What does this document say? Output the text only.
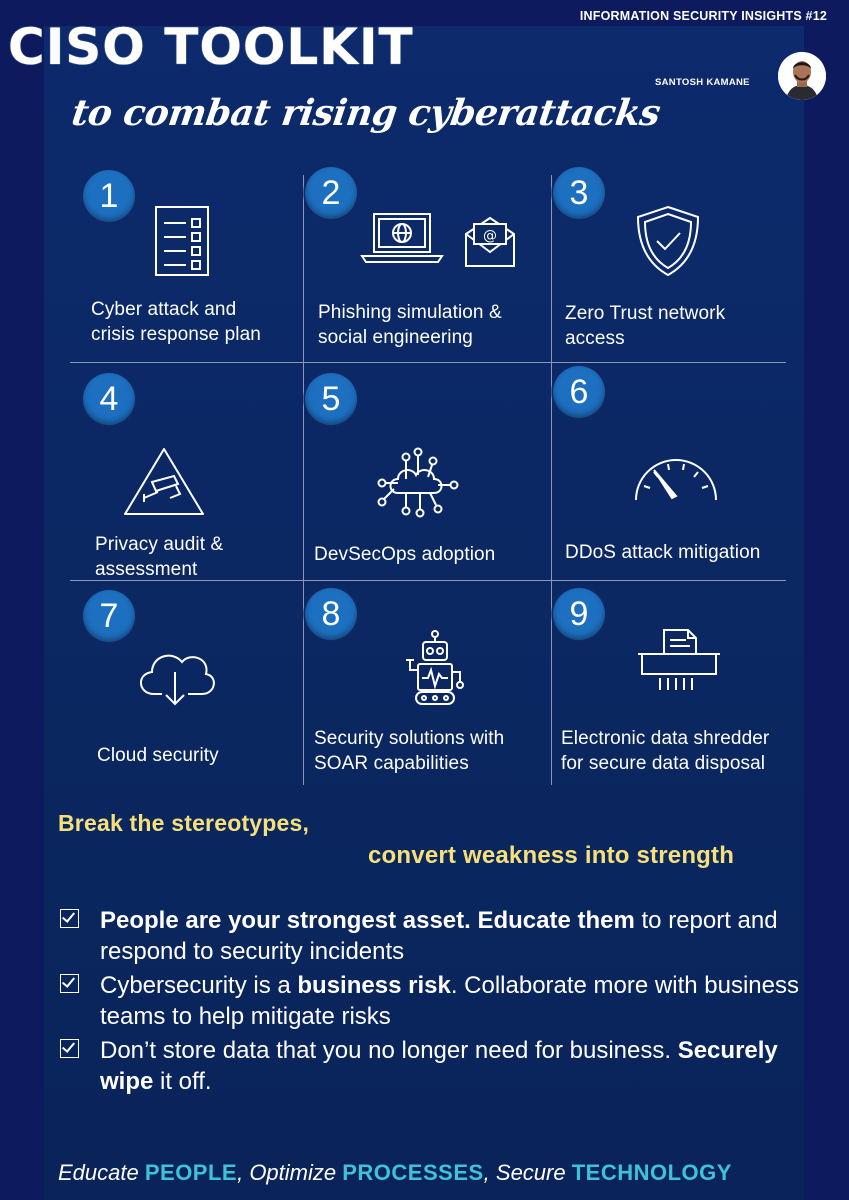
INFORMATION SECURITY INSIGHTS #12
CISO TOOLKIT
to combat rising cyberattacks
SANTOSH KAMANE
1
Cyber attack and
crisis response plan
2
@
Phishing simulation &
social engineering
3
Zero Trust network
access
4
Privacy audit &
assessment
5
DevSecOps adoption
6
DDoS attack mitigation
7
Cloud security
8
Security solutions with
SOAR capabilities
9
Electronic data shredder
for secure data disposal
Break the stereotypes,
convert weakness into strength
People are your strongest asset. Educate them to report and respond to security incidents
Cybersecurity is a business risk. Collaborate more with business teams to help mitigate risks
Don’t store data that you no longer need for business. Securely wipe it off.
Educate PEOPLE, Optimize PROCESSES, Secure TECHNOLOGY
